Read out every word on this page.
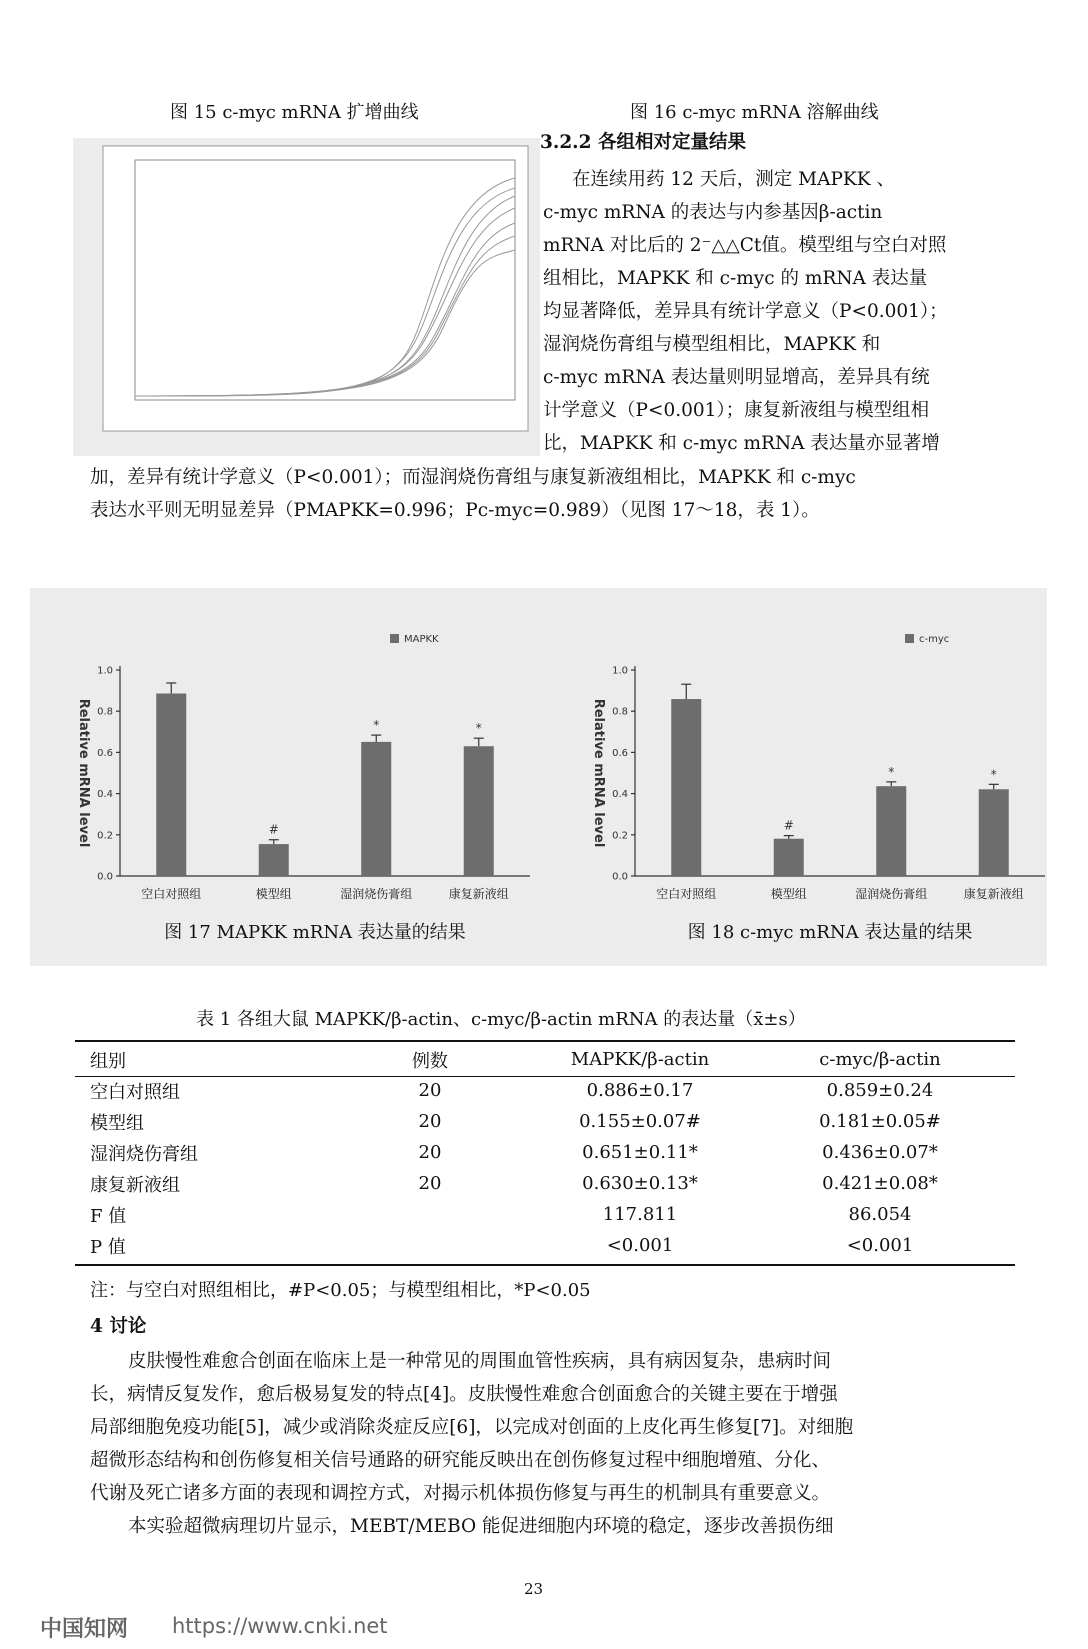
图 15 c-myc mRNA 扩增曲线	图 16 c-myc mRNA 溶解曲线
3.2.2 各组相对定量结果
在连续用药 12 天后，测定 MAPKK 、
c-myc mRNA 的表达与内参基因β-actin
mRNA 对比后的 2⁻△△Ct值。模型组与空白对照
组相比，MAPKK 和 c-myc 的 mRNA 表达量
均显著降低，差异具有统计学意义（P<0.001）；
湿润烧伤膏组与模型组相比，MAPKK 和
c-myc mRNA 表达量则明显增高，差异具有统
计学意义（P<0.001）；康复新液组与模型组相
比，MAPKK 和 c-myc mRNA 表达量亦显著增
加，差异有统计学意义（P<0.001）；而湿润烧伤膏组与康复新液组相比，MAPKK 和 c-myc
表达水平则无明显差异（PMAPKK=0.996；Pc-myc=0.989）（见图 17～18，表 1）。
MAPKK
Relative mRNA level
0.0
0.2
0.4
0.6
0.8
1.0
空白对照组
#
模型组
*
湿润烧伤膏组
*
康复新液组
图 17 MAPKK mRNA 表达量的结果
c-myc
Relative mRNA level
0.0
0.2
0.4
0.6
0.8
1.0
空白对照组
#
模型组
*
湿润烧伤膏组
*
康复新液组
图 18 c-myc mRNA 表达量的结果
表 1 各组大鼠 MAPKK/β-actin、c-myc/β-actin mRNA 的表达量（x̄±s）
组别	例数	MAPKK/β-actin	c-myc/β-actin
空白对照组	20	0.886±0.17	0.859±0.24
模型组	20	0.155±0.07#	0.181±0.05#
湿润烧伤膏组	20	0.651±0.11*	0.436±0.07*
康复新液组	20	0.630±0.13*	0.421±0.08*
F 值		117.811	86.054
P 值		<0.001	<0.001
注：与空白对照组相比，#P<0.05；与模型组相比，*P<0.05
4 讨论
皮肤慢性难愈合创面在临床上是一种常见的周围血管性疾病，具有病因复杂，患病时间
长，病情反复发作，愈后极易复发的特点[4]。皮肤慢性难愈合创面愈合的关键主要在于增强
局部细胞免疫功能[5]，减少或消除炎症反应[6]，以完成对创面的上皮化再生修复[7]。对细胞
超微形态结构和创伤修复相关信号通路的研究能反映出在创伤修复过程中细胞增殖、分化、
代谢及死亡诸多方面的表现和调控方式，对揭示机体损伤修复与再生的机制具有重要意义。
本实验超微病理切片显示，MEBT/MEBO 能促进细胞内环境的稳定，逐步改善损伤细
23
中国知网 https://www.cnki.net
